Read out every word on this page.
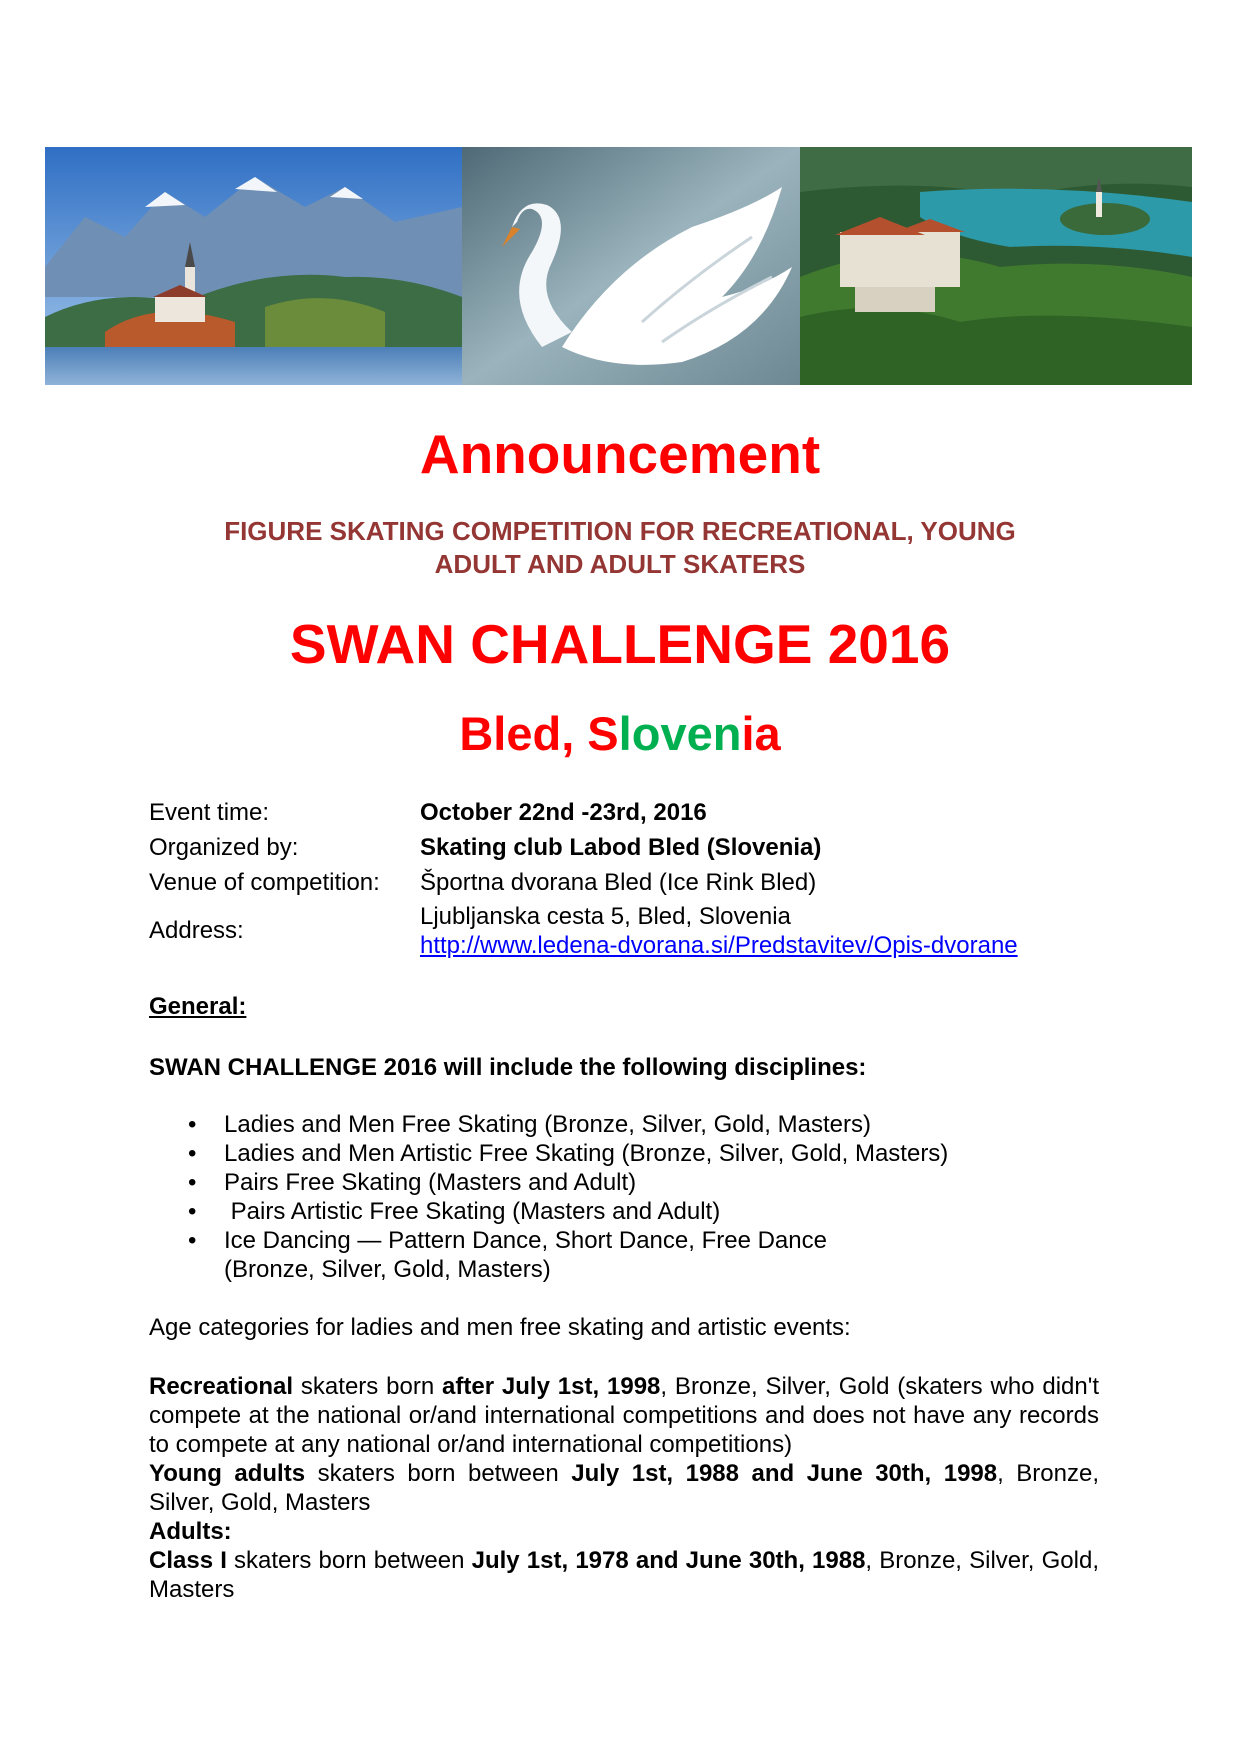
Announcement
FIGURE SKATING COMPETITION FOR RECREATIONAL, YOUNG
ADULT AND ADULT SKATERS
SWAN CHALLENGE 2016
Bled, Slovenia
Event time:	October 22nd -23rd, 2016
Organized by:	Skating club Labod Bled (Slovenia)
Venue of competition:	Športna dvorana Bled (Ice Rink Bled)
Address:
Ljubljanska cesta 5, Bled, Slovenia
http://www.ledena-dvorana.si/Predstavitev/Opis-dvorane
General:
SWAN CHALLENGE 2016 will include the following disciplines:
• Ladies and Men Free Skating (Bronze, Silver, Gold, Masters)
• Ladies and Men Artistic Free Skating (Bronze, Silver, Gold, Masters)
• Pairs Free Skating (Masters and Adult)
•  Pairs Artistic Free Skating (Masters and Adult)
• Ice Dancing — Pattern Dance, Short Dance, Free Dance (Bronze, Silver, Gold, Masters)
Age categories for ladies and men free skating and artistic events:
Recreational skaters born after July 1st, 1998, Bronze, Silver, Gold (skaters who didn't compete at the national or/and international competitions and does not have any records to compete at any national or/and international competitions)
Young adults skaters born between July 1st, 1988 and June 30th, 1998, Bronze, Silver, Gold, Masters
Adults:
Class I skaters born between July 1st, 1978 and June 30th, 1988, Bronze, Silver, Gold, Masters
